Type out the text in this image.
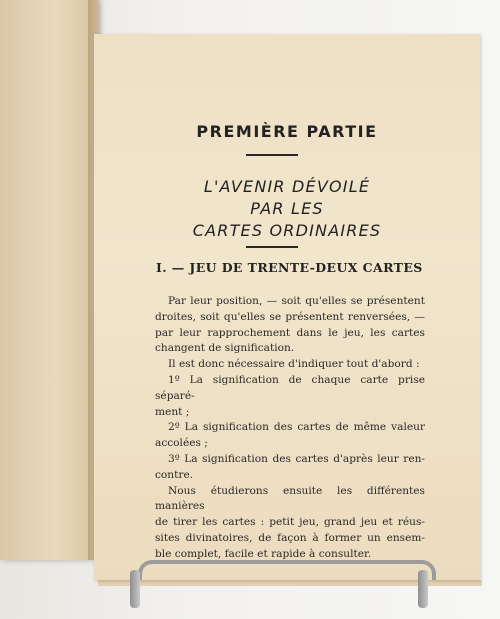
PREMIÈRE PARTIE
L'AVENIR DÉVOILÉ
PAR LES
CARTES ORDINAIRES
I. — JEU DE TRENTE-DEUX CARTES

Par leur position, — soit qu'elles se présentent

droites, soit qu'elles se présentent renversées, —

par leur rapprochement dans le jeu, les cartes

changent de signification.

Il est donc nécessaire d'indiquer tout d'abord :

1º La signification de chaque carte prise séparé-

ment ;

2º La signification des cartes de même valeur

accolées ;

3º La signification des cartes d'après leur ren-

contre.

Nous étudierons ensuite les différentes manières

de tirer les cartes : petit jeu, grand jeu et réus-

sites divinatoires, de façon à former un ensem-

ble complet, facile et rapide à consulter.
